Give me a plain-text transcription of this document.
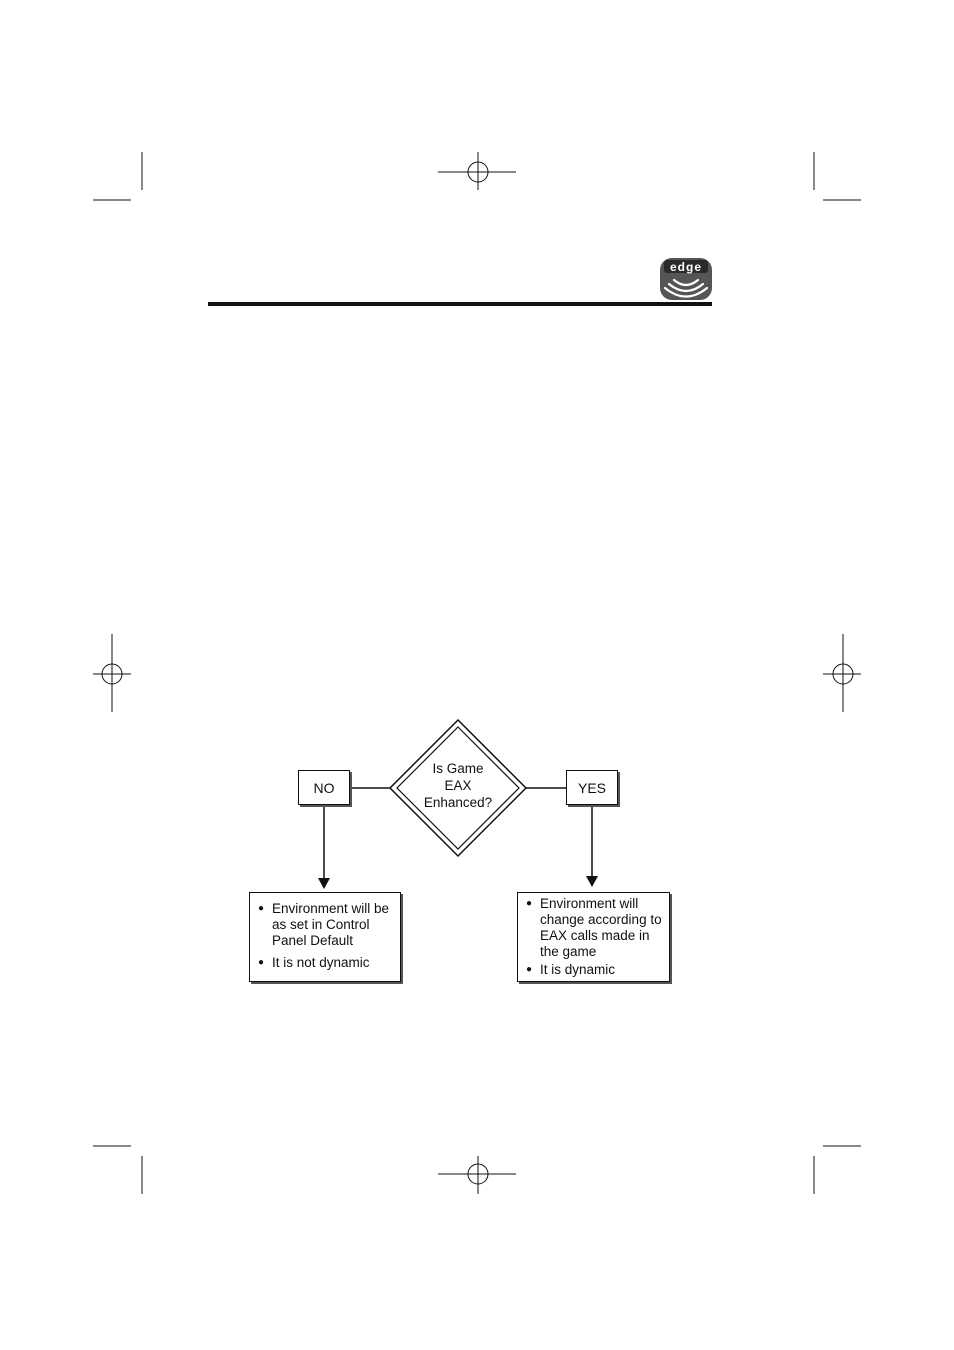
edge
NO	YES
Is Game
EAX
Enhanced?
● Environment will be as set in Control Panel Default
● It is not dynamic
● Environment will change according to EAX calls made in the game
● It is dynamic
